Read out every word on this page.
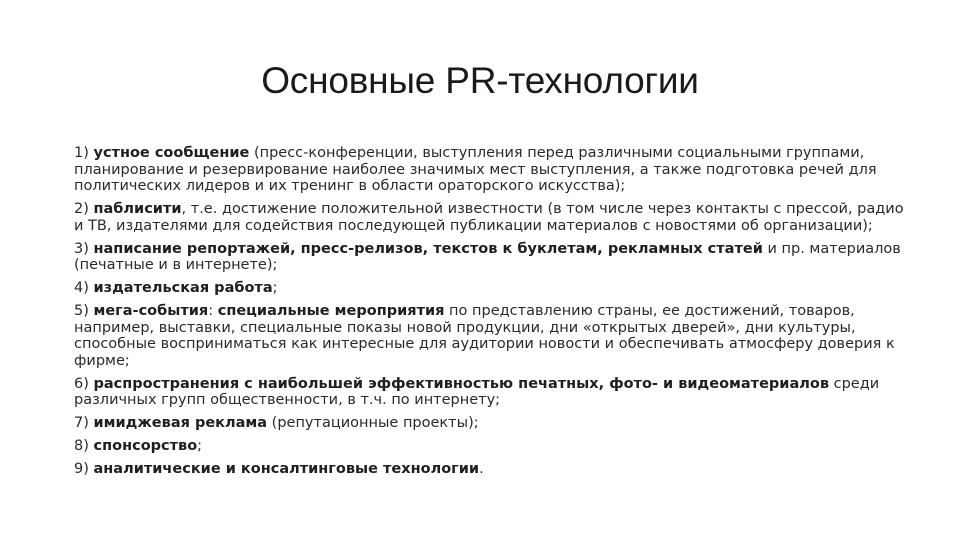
Основные PR-технологии
1) устное сообщение (пресс-конференции, выступления перед различными социальными группами, планирование и резервирование наиболее значимых мест выступления, а также подготовка речей для политических лидеров и их тренинг в области ораторского искусства);
2) паблисити, т.е. достижение положительной известности (в том числе через контакты с прессой, радио и ТВ, издателями для содействия последующей публикации материалов с новостями об организации);
3) написание репортажей, пресс-релизов, текстов к буклетам, рекламных статей и пр. материалов (печатные и в интернете);
4) издательская работа;
5) мега-события: специальные мероприятия по представлению страны, ее достижений, товаров, например, выставки, специальные показы новой продукции, дни «открытых дверей», дни культуры, способные восприниматься как интересные для аудитории новости и обеспечивать атмосферу доверия к фирме;
6) распространения с наибольшей эффективностью печатных, фото- и видеоматериалов среди различных групп общественности, в т.ч. по интернету;
7) имиджевая реклама (репутационные проекты);
8) спонсорство;
9) аналитические и консалтинговые технологии.
